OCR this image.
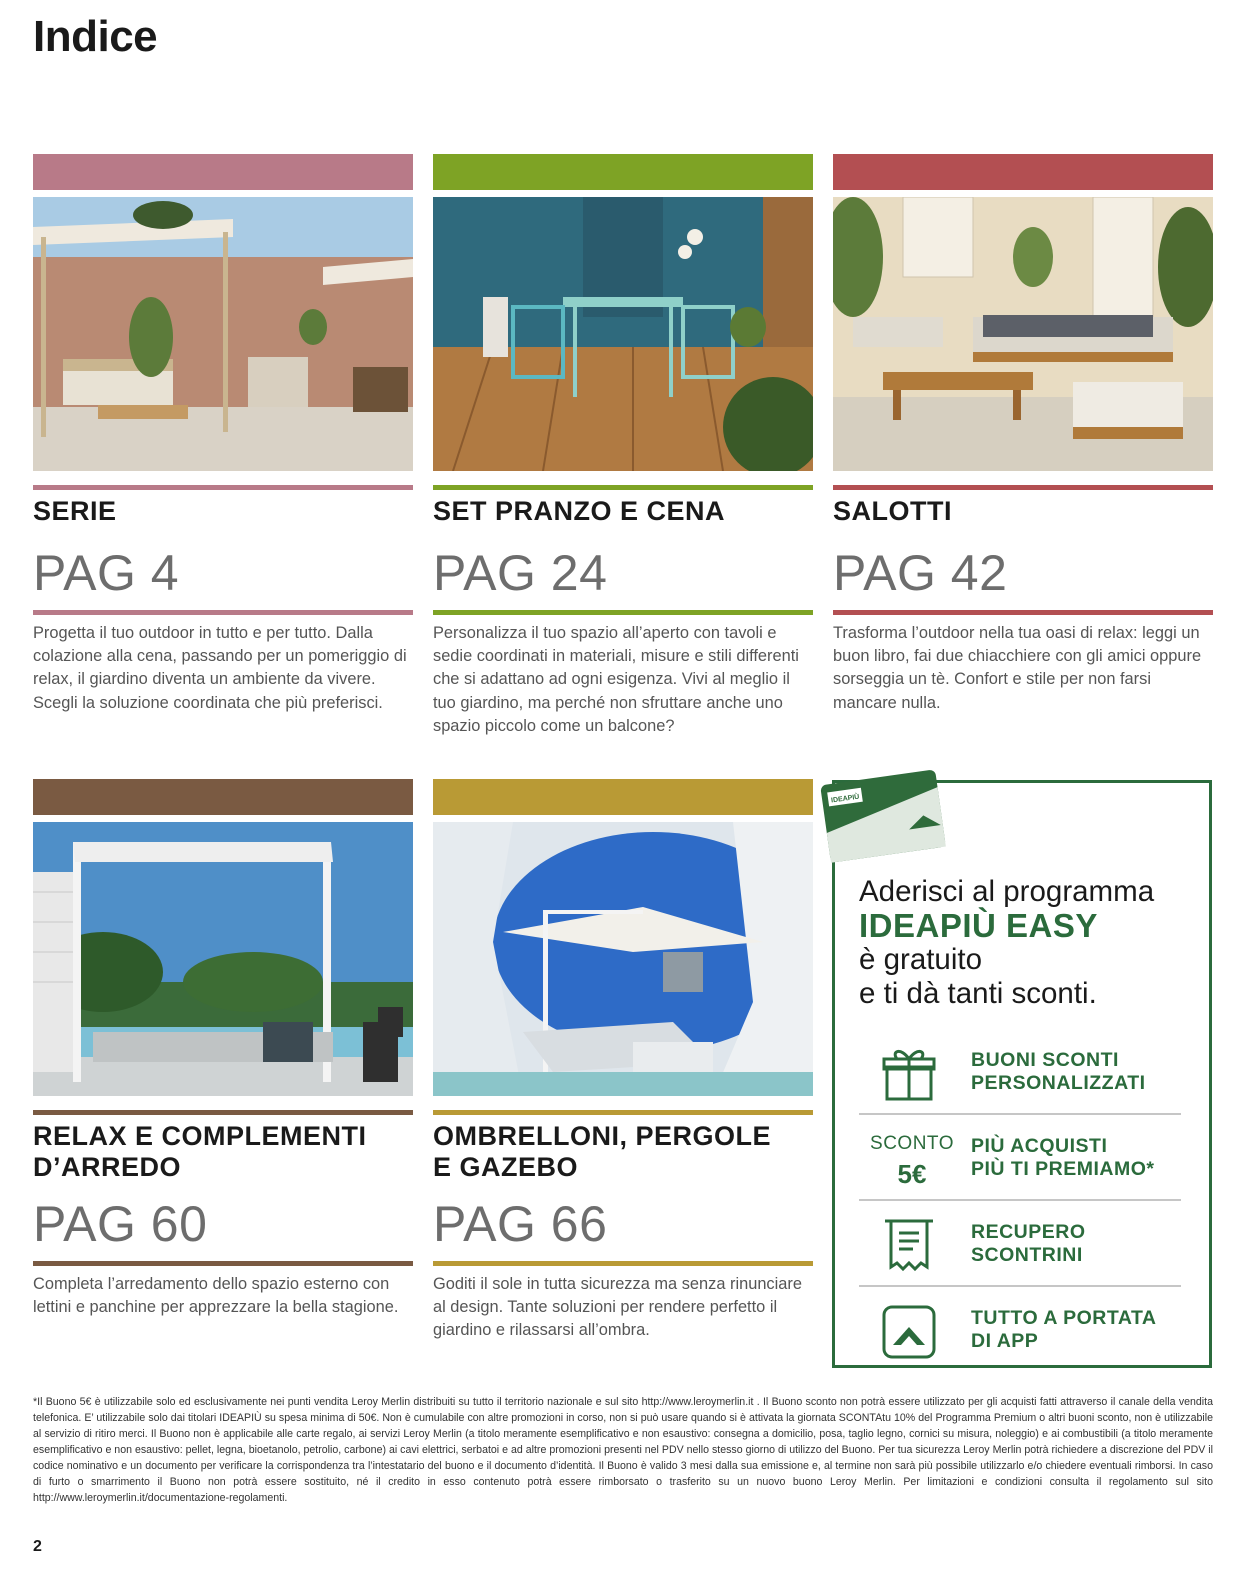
Indice
SERIE
PAG 4

Progetta il tuo outdoor in tutto e per tutto. Dalla colazione alla cena, passando per un pomeriggio di relax, il giardino diventa un ambiente da vivere. Scegli la soluzione coordinata che più preferisci.

SET PRANZO E CENA
PAG 24

Personalizza il tuo spazio all’aperto con tavoli e sedie coordinati in materiali, misure e stili differenti che si adattano ad ogni esigenza. Vivi al meglio il tuo giardino, ma perché non sfruttare anche uno spazio piccolo come un balcone?

SALOTTI
PAG 42

Trasforma l’outdoor nella tua oasi di relax: leggi un buon libro, fai due chiacchiere con gli amici oppure sorseggia un tè. Confort e stile per non farsi mancare nulla.

RELAX E COMPLEMENTI
D’ARREDO
PAG 60

Completa l’arredamento dello spazio esterno con lettini e panchine per apprezzare la bella stagione.

OMBRELLONI, PERGOLE
E GAZEBO
PAG 66

Goditi il sole in tutta sicurezza ma senza rinunciare al design. Tante soluzioni per rendere perfetto il giardino e rilassarsi all’ombra.

IDEAPIÙ
Aderisci al programma
IDEAPIÙ EASY
è gratuito
e ti dà tanti sconti.
BUONI SCONTI
PERSONALIZZATI
SCONTO
5€
PIÙ ACQUISTI
PIÙ TI PREMIAMO*
RECUPERO
SCONTRINI
TUTTO A PORTATA
DI APP

*Il Buono 5€ è utilizzabile solo ed esclusivamente nei punti vendita Leroy Merlin distribuiti su tutto il territorio nazionale e sul sito http://www.leroymerlin.it . Il Buono sconto non potrà essere utilizzato per gli acquisti fatti attraverso il canale della vendita telefonica. E’ utilizzabile solo dai titolari IDEAPIÙ su spesa minima di 50€. Non è cumulabile con altre promozioni in corso, non si può usare quando si è attivata la giornata SCONTAtu 10% del Programma Premium o altri buoni sconto, non è utilizzabile al servizio di ritiro merci. Il Buono non è applicabile alle carte regalo, ai servizi Leroy Merlin (a titolo meramente esemplificativo e non esaustivo: consegna a domicilio, posa, taglio legno, cornici su misura, noleggio) e ai combustibili (a titolo meramente esemplificativo e non esaustivo: pellet, legna, bioetanolo, petrolio, carbone) ai cavi elettrici, serbatoi e ad altre promozioni presenti nel PDV nello stesso giorno di utilizzo del Buono. Per tua sicurezza Leroy Merlin potrà richiedere a discrezione del PDV il codice nominativo e un documento per verificare la corrispondenza tra l’intestatario del buono e il documento d’identità. Il Buono è valido 3 mesi dalla sua emissione e, al termine non sarà più possibile utilizzarlo e/o chiedere eventuali rimborsi. In caso di furto o smarrimento il Buono non potrà essere sostituito, né il credito in esso contenuto potrà essere rimborsato o trasferito su un nuovo buono Leroy Merlin. Per limitazioni e condizioni consulta il regolamento sul sito http://www.leroymerlin.it/documentazione-regolamenti.

2
